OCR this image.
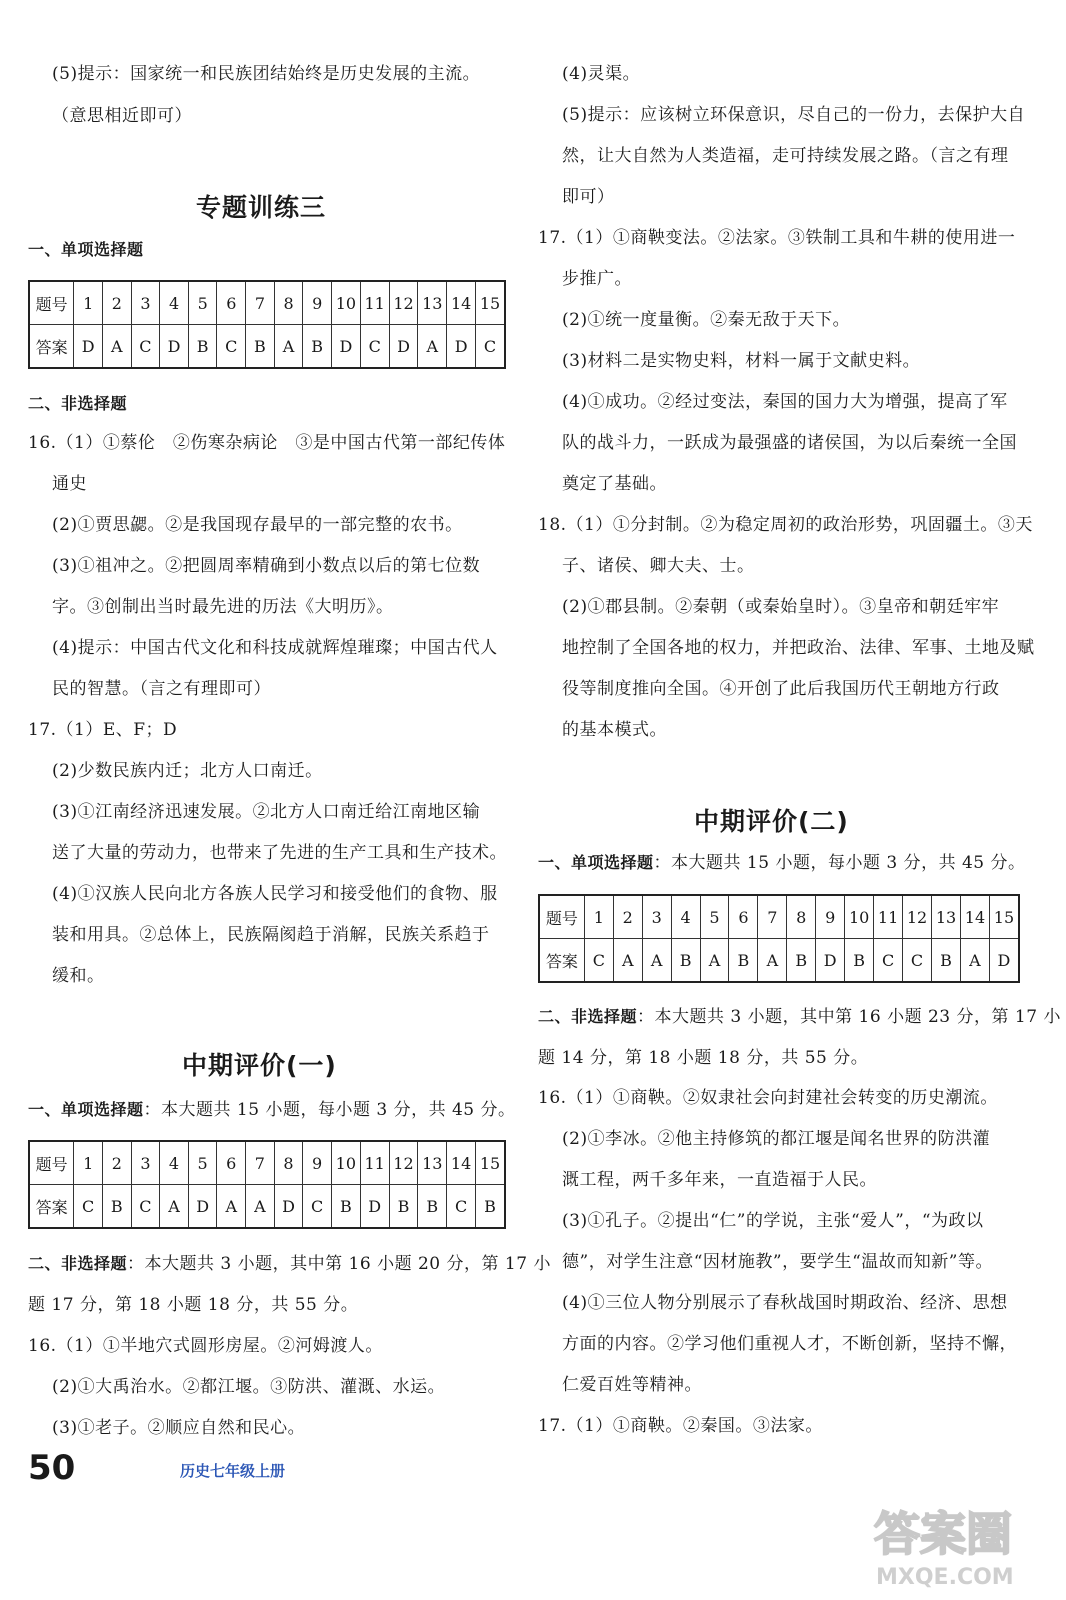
(5)提示：国家统一和民族团结始终是历史发展的主流。
（意思相近即可）
专题训练三
一、单项选择题
题号	1	2	3	4	5	6	7	8	9	10	11	12	13	14	15
答案	D	A	C	D	B	C	B	A	B	D	C	D	A	D	C
二、非选择题
16.（1）①蔡伦　②伤寒杂病论　③是中国古代第一部纪传体
通史
(2)①贾思勰。②是我国现存最早的一部完整的农书。
(3)①祖冲之。②把圆周率精确到小数点以后的第七位数
字。③创制出当时最先进的历法《大明历》。
(4)提示：中国古代文化和科技成就辉煌璀璨；中国古代人
民的智慧。（言之有理即可）
17.（1）E、F；D
(2)少数民族内迁；北方人口南迁。
(3)①江南经济迅速发展。②北方人口南迁给江南地区输
送了大量的劳动力，也带来了先进的生产工具和生产技术。
(4)①汉族人民向北方各族人民学习和接受他们的食物、服
装和用具。②总体上，民族隔阂趋于消解，民族关系趋于
缓和。
中期评价(一)
一、单项选择题：本大题共 15 小题，每小题 3 分，共 45 分。
题号	1	2	3	4	5	6	7	8	9	10	11	12	13	14	15
答案	C	B	C	A	D	A	A	D	C	B	D	B	B	C	B
二、非选择题：本大题共 3 小题，其中第 16 小题 20 分，第 17 小
题 17 分，第 18 小题 18 分，共 55 分。
16.（1）①半地穴式圆形房屋。②河姆渡人。
(2)①大禹治水。②都江堰。③防洪、灌溉、水运。
(3)①老子。②顺应自然和民心。
(4)灵渠。
(5)提示：应该树立环保意识，尽自己的一份力，去保护大自
然，让大自然为人类造福，走可持续发展之路。（言之有理
即可）
17.（1）①商鞅变法。②法家。③铁制工具和牛耕的使用进一
步推广。
(2)①统一度量衡。②秦无敌于天下。
(3)材料二是实物史料，材料一属于文献史料。
(4)①成功。②经过变法，秦国的国力大为增强，提高了军
队的战斗力，一跃成为最强盛的诸侯国，为以后秦统一全国
奠定了基础。
18.（1）①分封制。②为稳定周初的政治形势，巩固疆土。③天
子、诸侯、卿大夫、士。
(2)①郡县制。②秦朝（或秦始皇时）。③皇帝和朝廷牢牢
地控制了全国各地的权力，并把政治、法律、军事、土地及赋
役等制度推向全国。④开创了此后我国历代王朝地方行政
的基本模式。
中期评价(二)
一、单项选择题：本大题共 15 小题，每小题 3 分，共 45 分。
题号	1	2	3	4	5	6	7	8	9	10	11	12	13	14	15
答案	C	A	A	B	A	B	A	B	D	B	C	C	B	A	D
二、非选择题：本大题共 3 小题，其中第 16 小题 23 分，第 17 小
题 14 分，第 18 小题 18 分，共 55 分。
16.（1）①商鞅。②奴隶社会向封建社会转变的历史潮流。
(2)①李冰。②他主持修筑的都江堰是闻名世界的防洪灌
溉工程，两千多年来，一直造福于人民。
(3)①孔子。②提出“仁”的学说，主张“爱人”，“为政以
德”，对学生注意“因材施教”，要学生“温故而知新”等。
(4)①三位人物分别展示了春秋战国时期政治、经济、思想
方面的内容。②学习他们重视人才，不断创新，坚持不懈，
仁爱百姓等精神。
17.（1）①商鞅。②秦国。③法家。
50	历史七年级上册
答案圈
MXQE.COM
